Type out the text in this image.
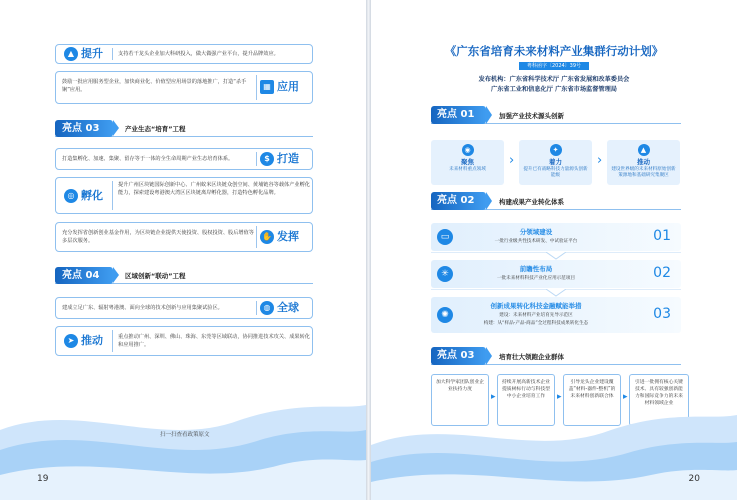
▲ 提升	支持若干龙头企业加大科研投入，做大做强产业平台，提升品牌效应。
鼓励一批应用服务型企业，加快商业化、价值型应用场景的落地推广，打造“杀手锏”应用。	▦ 应用
亮点 03	产业生态“培育”工程
打造集孵化、加速、集聚、留存等于一体的全生命周期产业生态培育体系。	$ 打造
◎ 孵化
提升广州区块链国际创新中心、广州蚁米区块链众创空间、黄埔链谷等载体产业孵化能力，探索建设粤港澳大湾区区块链离岸孵化器，打造特色孵化品牌。
充分发挥省创新创业基金作用，为区块链企业提供天使投资、股权投资、股后增值等多层次服务。	✋ 发挥
亮点 04	区域创新“联动”工程
建成立足广东、辐射粤港澳、面向全球的技术创新与应用集聚试验区。	◍ 全球
➤ 推动	重点推动广州、深圳、佛山、珠海、东莞等区域联动，协同推进技术攻关、成果转化和应用推广。
扫一扫查看政策原文
19
《广东省培育未来材料产业集群行动计划》
粤科函字〔2024〕39号
发布机构：广东省科学技术厅 广东省发展和改革委员会
广东省工业和信息化厅 广东省市场监督管理局
亮点 01	加强产业技术源头创新
◉
聚焦
未来材料重点领域
›
✦
着力
提升已有战略科技力量源头创新能级
›
▲
推动
建设世界级的未来材料原始创新策源地和基础研究集聚区
亮点 02	构建成果产业转化体系
▭	分领域建设
一批行业级共性技术研发、中试验证平台	01
✳	前瞻性布局
一批未来材料科技产业化应用示范项目	02
✺
创新成果转化科技金融赋能举措
建设：未来材料产业培育先导示范区
构建：从“样品-产品-商品”全过程科技成果转化生态
03
亮点 03	培育壮大领跑企业群体
加大科学家团队创业企业扶持力度
▸
持续开展高新技术企业提质树标行动与科技型中小企业培育工作	▸
引导龙头企业建设覆盖“材料-器件-整机”的未来材料创新联合体	▸
引进一批拥有核心关键技术、具有较强创新能力和国际竞争力的未来材料领域企业
20
